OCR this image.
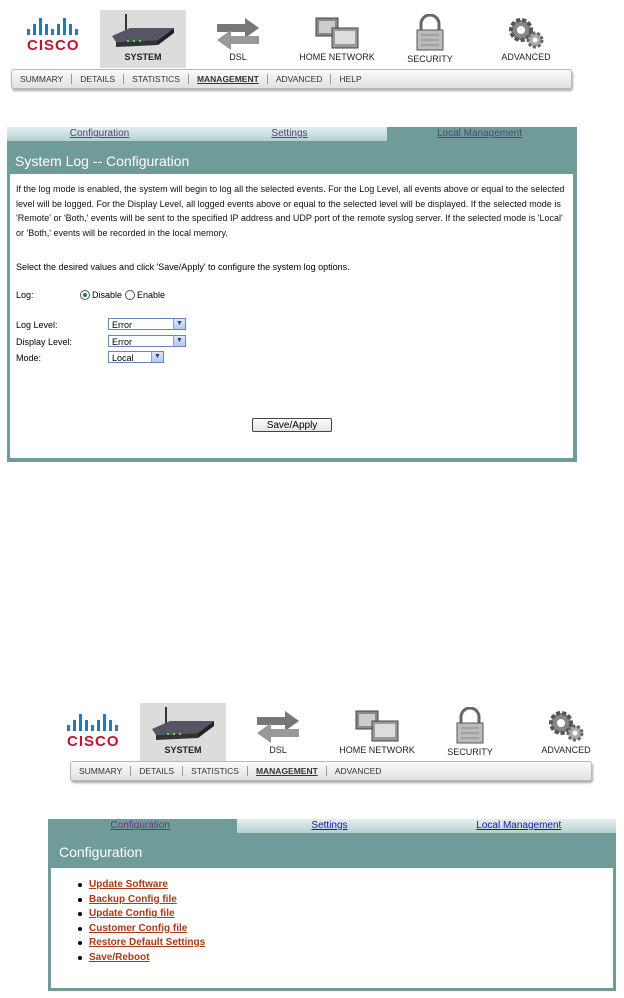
CISCO
SYSTEM	DSL	HOME NETWORK	SECURITY	ADVANCED
SUMMARY	DETAILS	STATISTICS	MANAGEMENT	ADVANCED	HELP
Configuration	Settings	Local Management
System Log -- Configuration
If the log mode is enabled, the system will begin to log all the selected events. For the Log Level, all events above or equal to the selected level will be logged. For the Display Level, all logged events above or equal to the selected level will be displayed. If the selected mode is 'Remote' or 'Both,' events will be sent to the specified IP address and UDP port of the remote syslog server. If the selected mode is 'Local' or 'Both,' events will be recorded in the local memory.
Select the desired values and click 'Save/Apply' to configure the system log options.
Log:	Disable Enable
Log Level:	Error	▼
Display Level:	Error	▼
Mode:	Local	▼
Save/Apply
CISCO	SYSTEM	DSL	HOME NETWORK	SECURITY	ADVANCED
SUMMARY	DETAILS	STATISTICS	MANAGEMENT	ADVANCED
Configuration	Settings	Local Management
Configuration
Update Software
Backup Config file
Update Config file
Customer Config file
Restore Default Settings
Save/Reboot
